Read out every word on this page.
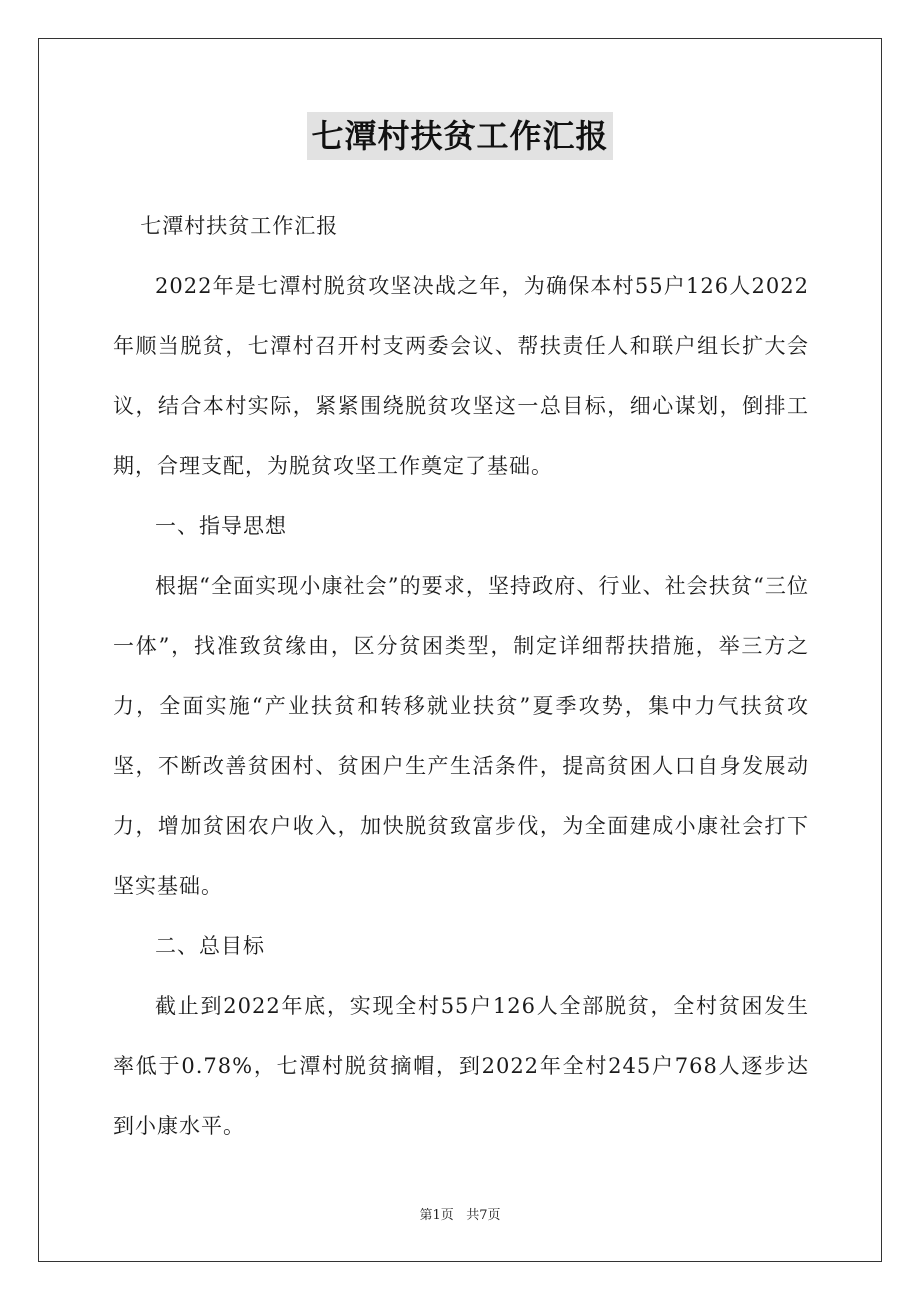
七潭村扶贫工作汇报

七潭村扶贫工作汇报

2022年是七潭村脱贫攻坚决战之年，为确保本村55户126人2022年顺当脱贫，七潭村召开村支两委会议、帮扶责任人和联户组长扩大会议，结合本村实际，紧紧围绕脱贫攻坚这一总目标，细心谋划，倒排工期，合理支配，为脱贫攻坚工作奠定了基础。

一、指导思想

根据“全面实现小康社会”的要求，坚持政府、行业、社会扶贫“三位一体”，找准致贫缘由，区分贫困类型，制定详细帮扶措施，举三方之力，全面实施“产业扶贫和转移就业扶贫”夏季攻势，集中力气扶贫攻坚，不断改善贫困村、贫困户生产生活条件，提高贫困人口自身发展动力，增加贫困农户收入，加快脱贫致富步伐，为全面建成小康社会打下坚实基础。

二、总目标

截止到2022年底，实现全村55户126人全部脱贫，全村贫困发生率低于0.78%，七潭村脱贫摘帽，到2022年全村245户768人逐步达到小康水平。

第1页 共7页
